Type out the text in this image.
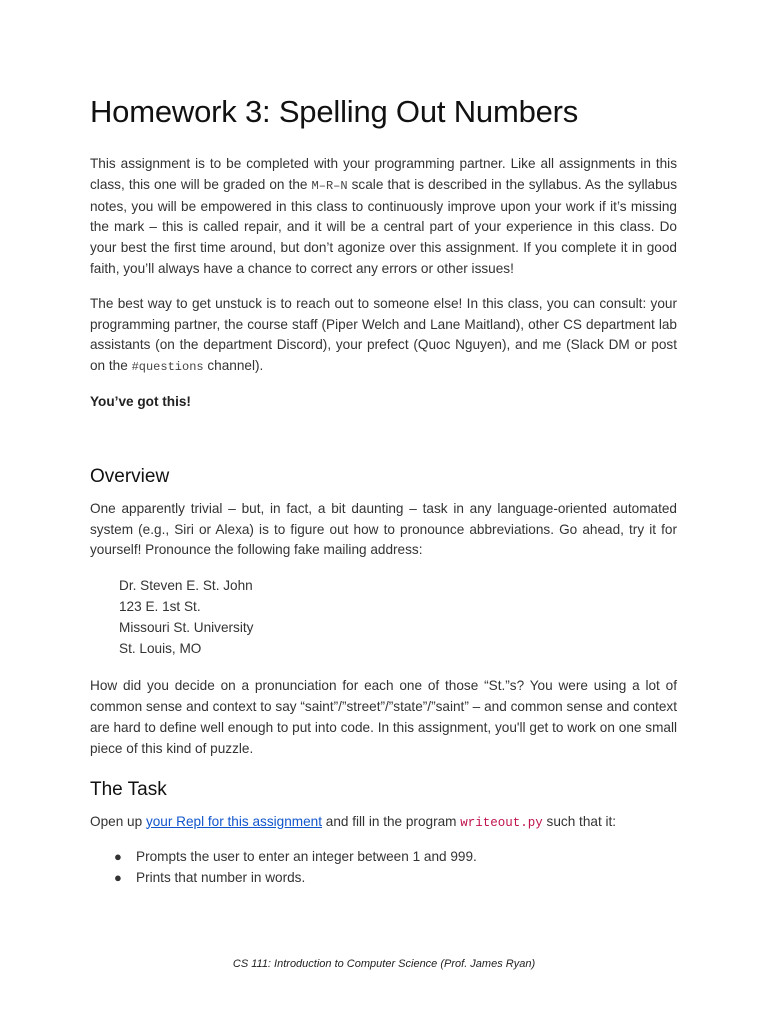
Homework 3: Spelling Out Numbers

This assignment is to be completed with your programming partner. Like all assignments in this class, this one will be graded on the M–R–N scale that is described in the syllabus. As the syllabus notes, you will be empowered in this class to continuously improve upon your work if it’s missing the mark – this is called repair, and it will be a central part of your experience in this class. Do your best the first time around, but don’t agonize over this assignment. If you complete it in good faith, you’ll always have a chance to correct any errors or other issues!

The best way to get unstuck is to reach out to someone else! In this class, you can consult: your programming partner, the course staff (Piper Welch and Lane Maitland), other CS department lab assistants (on the department Discord), your prefect (Quoc Nguyen), and me (Slack DM or post on the #questions channel).

You’ve got this!

Overview

One apparently trivial – but, in fact, a bit daunting – task in any language-oriented automated system (e.g., Siri or Alexa) is to figure out how to pronounce abbreviations. Go ahead, try it for yourself! Pronounce the following fake mailing address:

Dr. Steven E. St. John
123 E. 1st St.
Missouri St. University
St. Louis, MO

How did you decide on a pronunciation for each one of those “St.”s? You were using a lot of common sense and context to say “saint”/”street”/”state”/”saint” – and common sense and context are hard to define well enough to put into code. In this assignment, you'll get to work on one small piece of this kind of puzzle.

The Task

Open up your Repl for this assignment and fill in the program writeout.py such that it:

● Prompts the user to enter an integer between 1 and 999.
● Prints that number in words.
CS 111: Introduction to Computer Science (Prof. James Ryan)
